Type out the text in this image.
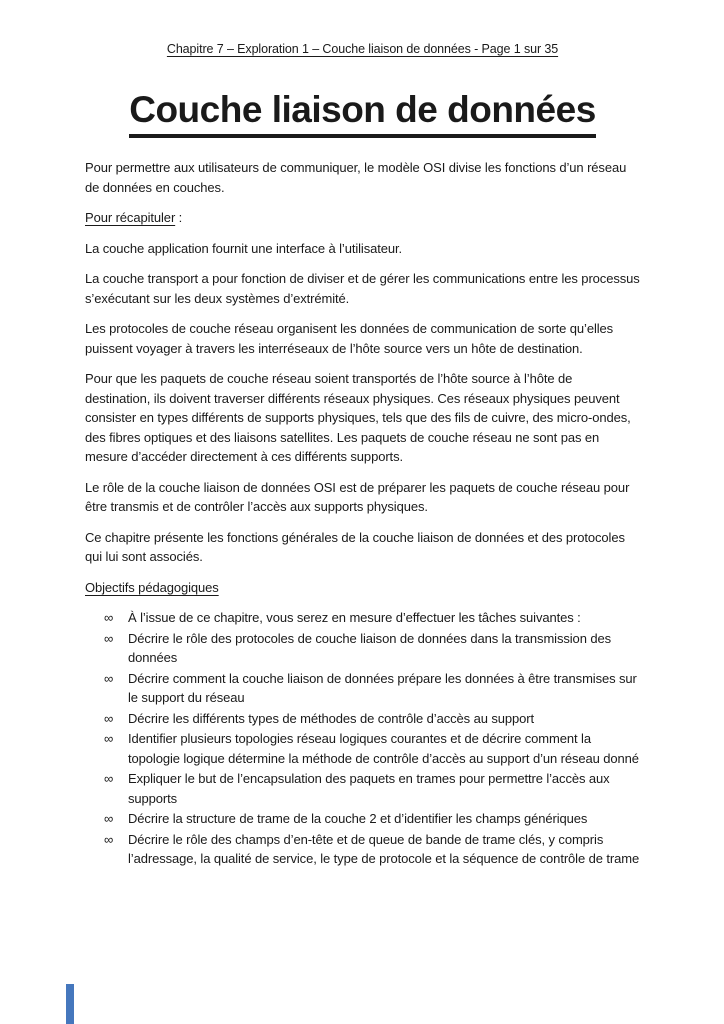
Chapitre 7 – Exploration 1 – Couche liaison de données - Page 1 sur 35
Couche liaison de données

Pour permettre aux utilisateurs de communiquer, le modèle OSI divise les fonctions d’un réseau de données en couches.

Pour récapituler :

La couche application fournit une interface à l’utilisateur.

La couche transport a pour fonction de diviser et de gérer les communications entre les processus s’exécutant sur les deux systèmes d’extrémité.

Les protocoles de couche réseau organisent les données de communication de sorte qu’elles puissent voyager à travers les interréseaux de l’hôte source vers un hôte de destination.

Pour que les paquets de couche réseau soient transportés de l’hôte source à l’hôte de destination, ils doivent traverser différents réseaux physiques. Ces réseaux physiques peuvent consister en types différents de supports physiques, tels que des fils de cuivre, des micro-ondes, des fibres optiques et des liaisons satellites. Les paquets de couche réseau ne sont pas en mesure d’accéder directement à ces différents supports.

Le rôle de la couche liaison de données OSI est de préparer les paquets de couche réseau pour être transmis et de contrôler l’accès aux supports physiques.

Ce chapitre présente les fonctions générales de la couche liaison de données et des protocoles qui lui sont associés.

Objectifs pédagogiques

∞	À l’issue de ce chapitre, vous serez en mesure d’effectuer les tâches suivantes :
∞	Décrire le rôle des protocoles de couche liaison de données dans la transmission des données
∞	Décrire comment la couche liaison de données prépare les données à être transmises sur le support du réseau
∞	Décrire les différents types de méthodes de contrôle d’accès au support
∞	Identifier plusieurs topologies réseau logiques courantes et de décrire comment la topologie logique détermine la méthode de contrôle d’accès au support d’un réseau donné
∞	Expliquer le but de l’encapsulation des paquets en trames pour permettre l’accès aux supports
∞	Décrire la structure de trame de la couche 2 et d’identifier les champs génériques
∞	Décrire le rôle des champs d’en-tête et de queue de bande de trame clés, y compris l’adressage, la qualité de service, le type de protocole et la séquence de contrôle de trame
